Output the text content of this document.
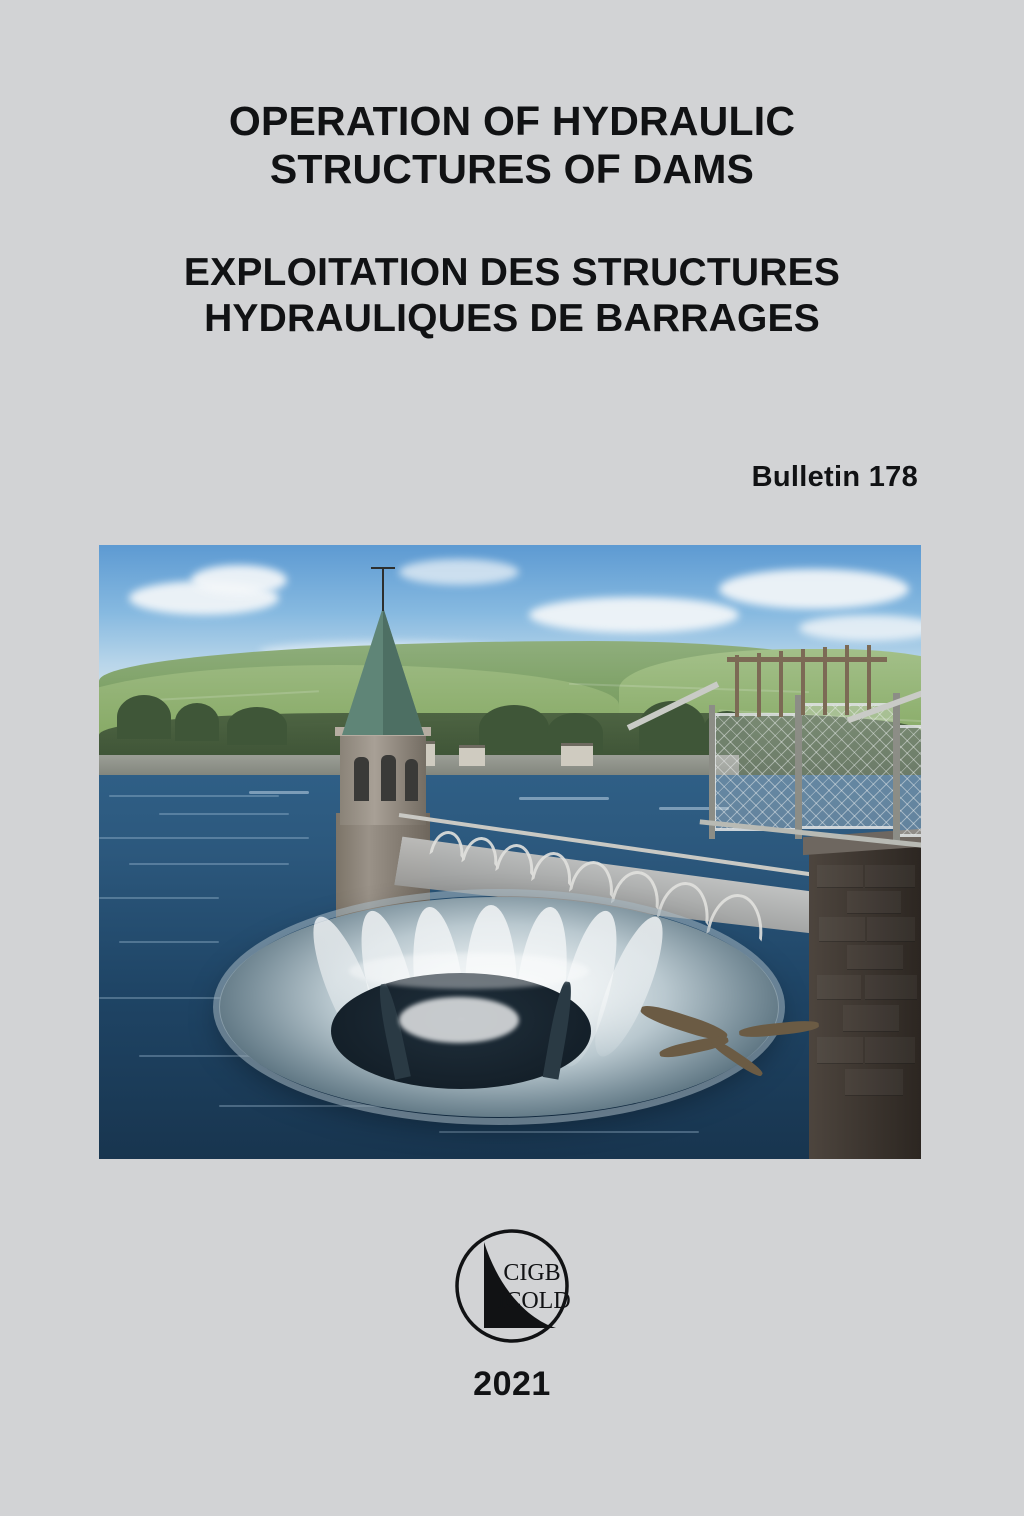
OPERATION OF HYDRAULIC
STRUCTURES OF DAMS
EXPLOITATION DES STRUCTURES
HYDRAULIQUES DE BARRAGES
Bulletin 178
CIGB
ICOLD
2021
